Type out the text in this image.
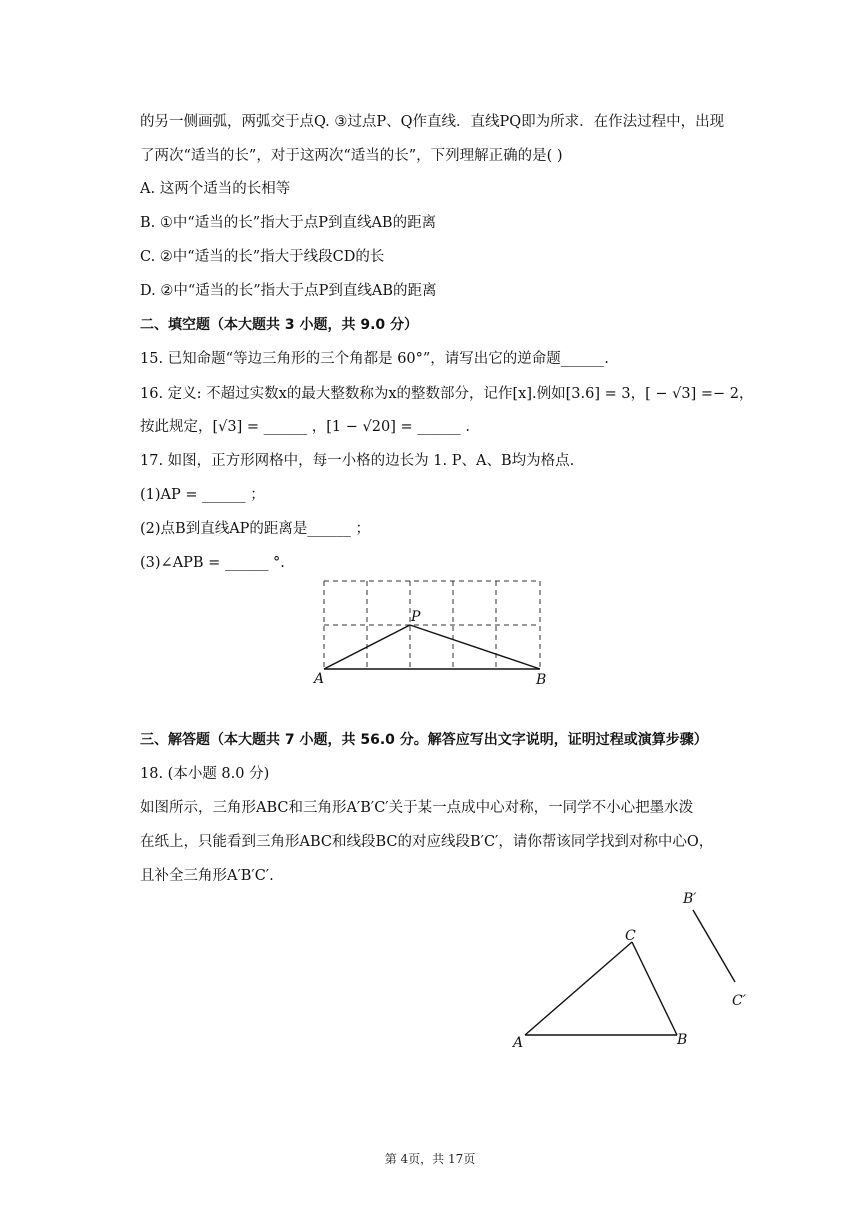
的另一侧画弧，两弧交于点Q. ③过点P、Q作直线．直线PQ即为所求．在作法过程中，出现
了两次“适当的长”，对于这两次“适当的长”，下列理解正确的是( )
A. 这两个适当的长相等
B. ①中“适当的长”指大于点P到直线AB的距离
C. ②中“适当的长”指大于线段CD的长
D. ②中“适当的长”指大于点P到直线AB的距离
二、填空题（本大题共 3 小题，共 9.0 分）
15. 已知命题“等边三角形的三个角都是 60°”，请写出它的逆命题______.
16. 定义: 不超过实数x的最大整数称为x的整数部分，记作[x].例如[3.6] = 3，[ − √3] =− 2，
按此规定，[√3] = ______ ，[1 − √20] = ______ .
17. 如图，正方形网格中，每一小格的边长为 1. P、A、B均为格点.
(1)AP = ______ ；
(2)点B到直线AP的距离是______ ；
(3)∠APB = ______ °.
P
A	B
三、解答题（本大题共 7 小题，共 56.0 分。解答应写出文字说明，证明过程或演算步骤）
18. (本小题 8.0 分)
如图所示，三角形ABC和三角形A′B′C′关于某一点成中心对称，一同学不小心把墨水泼
在纸上，只能看到三角形ABC和线段BC的对应线段B′C′，请你帮该同学找到对称中心O，
且补全三角形A′B′C′.
A	B
C
B′
C′
第 4页，共 17页
